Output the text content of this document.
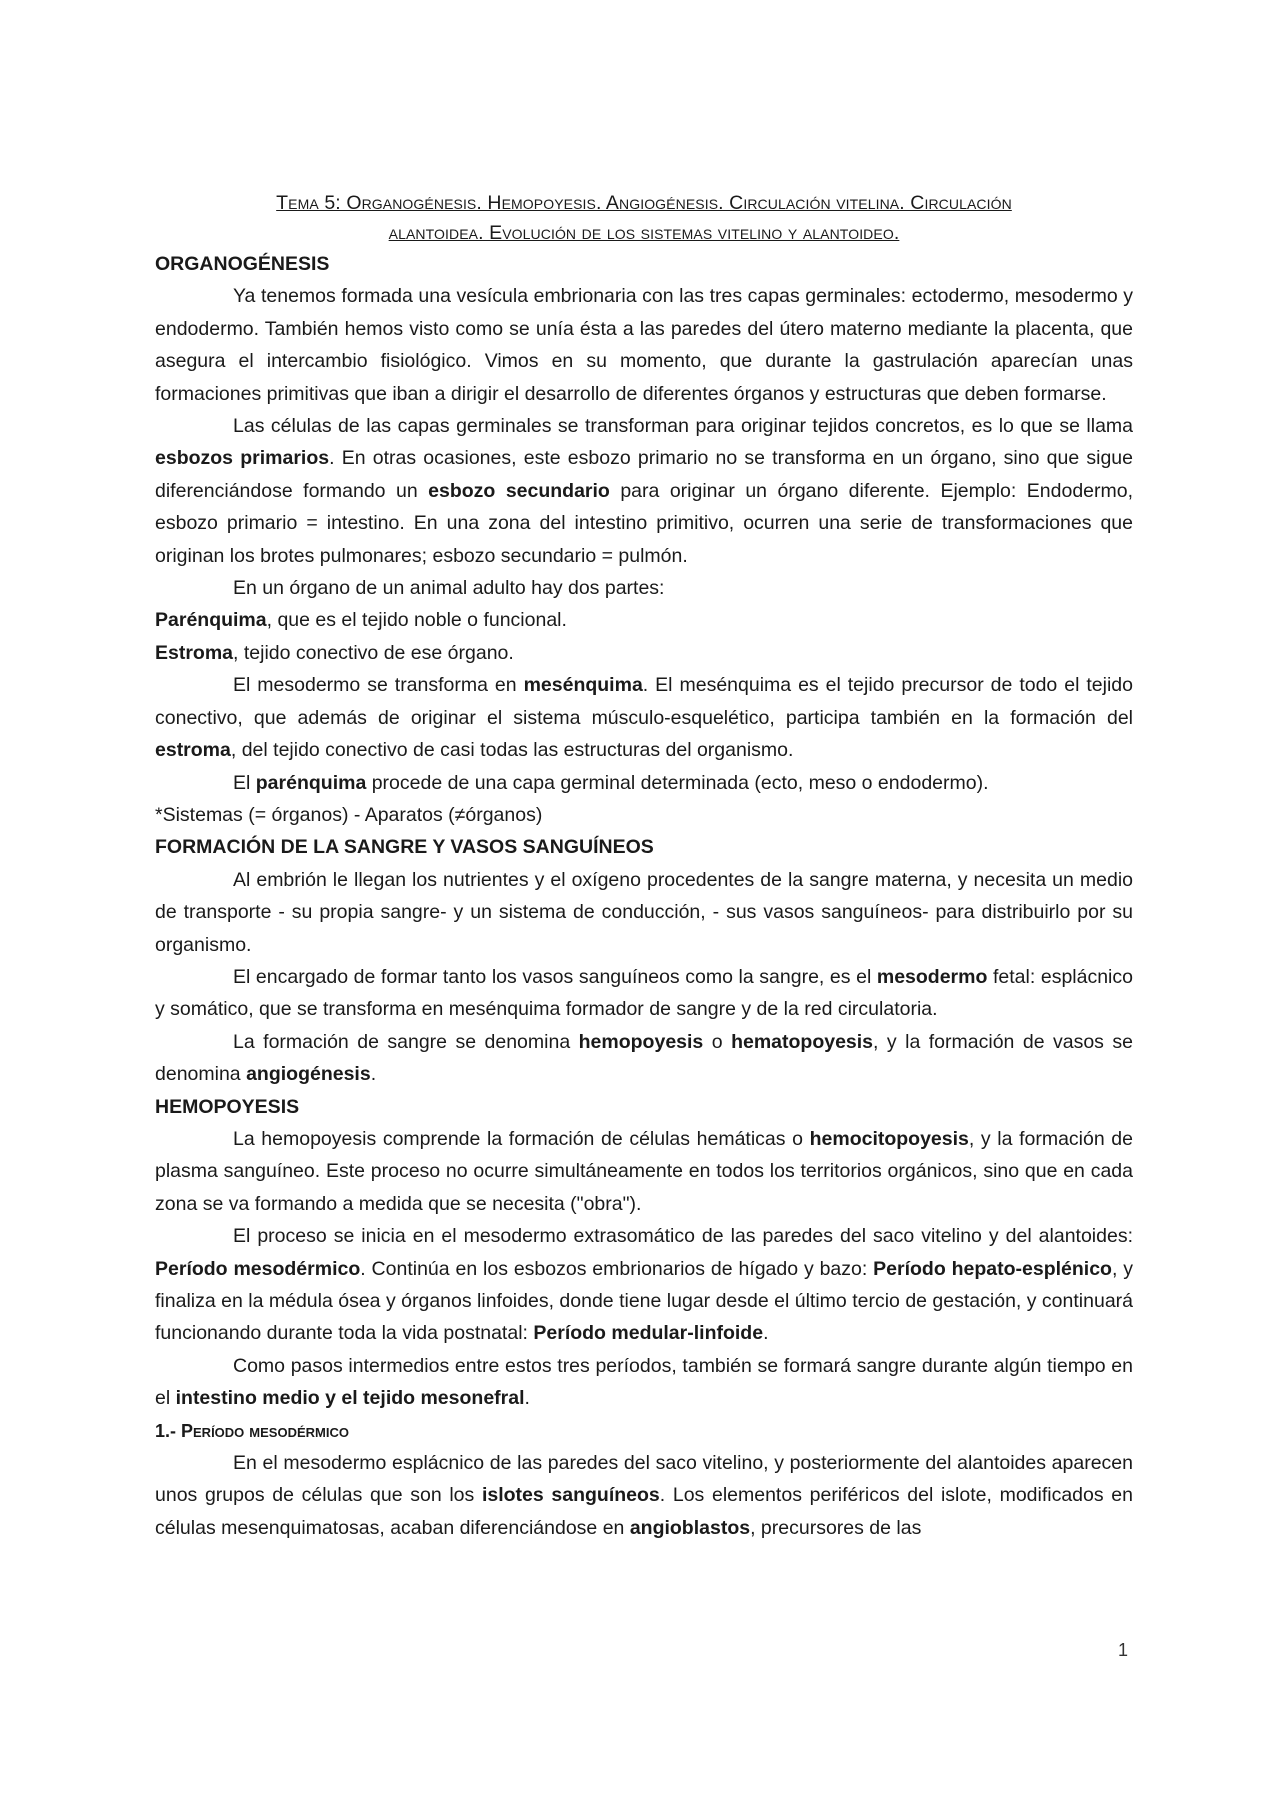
Tema 5: Organogénesis. Hemopoyesis. Angiogénesis. Circulación vitelina. Circulación
alantoidea. Evolución de los sistemas vitelino y alantoideo.
ORGANOGÉNESIS

Ya tenemos formada una vesícula embrionaria con las tres capas germinales: ectodermo, mesodermo y endodermo. También hemos visto como se unía ésta a las paredes del útero materno mediante la placenta, que asegura el intercambio fisiológico. Vimos en su momento, que durante la gastrulación aparecían unas formaciones primitivas que iban a dirigir el desarrollo de diferentes órganos y estructuras que deben formarse.

Las células de las capas germinales se transforman para originar tejidos concretos, es lo que se llama esbozos primarios. En otras ocasiones, este esbozo primario no se transforma en un órgano, sino que sigue diferenciándose formando un esbozo secundario para originar un órgano diferente. Ejemplo: Endodermo, esbozo primario = intestino. En una zona del intestino primitivo, ocurren una serie de transformaciones que originan los brotes pulmonares; esbozo secundario = pulmón.

En un órgano de un animal adulto hay dos partes:

Parénquima, que es el tejido noble o funcional.

Estroma, tejido conectivo de ese órgano.

El mesodermo se transforma en mesénquima. El mesénquima es el tejido precursor de todo el tejido conectivo, que además de originar el sistema músculo-esquelético, participa también en la formación del estroma, del tejido conectivo de casi todas las estructuras del organismo.

El parénquima procede de una capa germinal determinada (ecto, meso o endodermo).

*Sistemas (= órganos) - Aparatos (≠órganos)

FORMACIÓN DE LA SANGRE Y VASOS SANGUÍNEOS

Al embrión le llegan los nutrientes y el oxígeno procedentes de la sangre materna, y necesita un medio de transporte - su propia sangre- y un sistema de conducción, - sus vasos sanguíneos- para distribuirlo por su organismo.

El encargado de formar tanto los vasos sanguíneos como la sangre, es el mesodermo fetal: esplácnico y somático, que se transforma en mesénquima formador de sangre y de la red circulatoria.

La formación de sangre se denomina hemopoyesis o hematopoyesis, y la formación de vasos se denomina angiogénesis.

HEMOPOYESIS

La hemopoyesis comprende la formación de células hemáticas o hemocitopoyesis, y la formación de plasma sanguíneo. Este proceso no ocurre simultáneamente en todos los territorios orgánicos, sino que en cada zona se va formando a medida que se necesita ("obra").

El proceso se inicia en el mesodermo extrasomático de las paredes del saco vitelino y del alantoides: Período mesodérmico. Continúa en los esbozos embrionarios de hígado y bazo: Período hepato-esplénico, y finaliza en la médula ósea y órganos linfoides, donde tiene lugar desde el último tercio de gestación, y continuará funcionando durante toda la vida postnatal: Período medular-linfoide.

Como pasos intermedios entre estos tres períodos, también se formará sangre durante algún tiempo en el intestino medio y el tejido mesonefral.

1.- Período mesodérmico

En el mesodermo esplácnico de las paredes del saco vitelino, y posteriormente del alantoides aparecen unos grupos de células que son los islotes sanguíneos. Los elementos periféricos del islote, modificados en células mesenquimatosas, acaban diferenciándose en angioblastos, precursores de las

1
